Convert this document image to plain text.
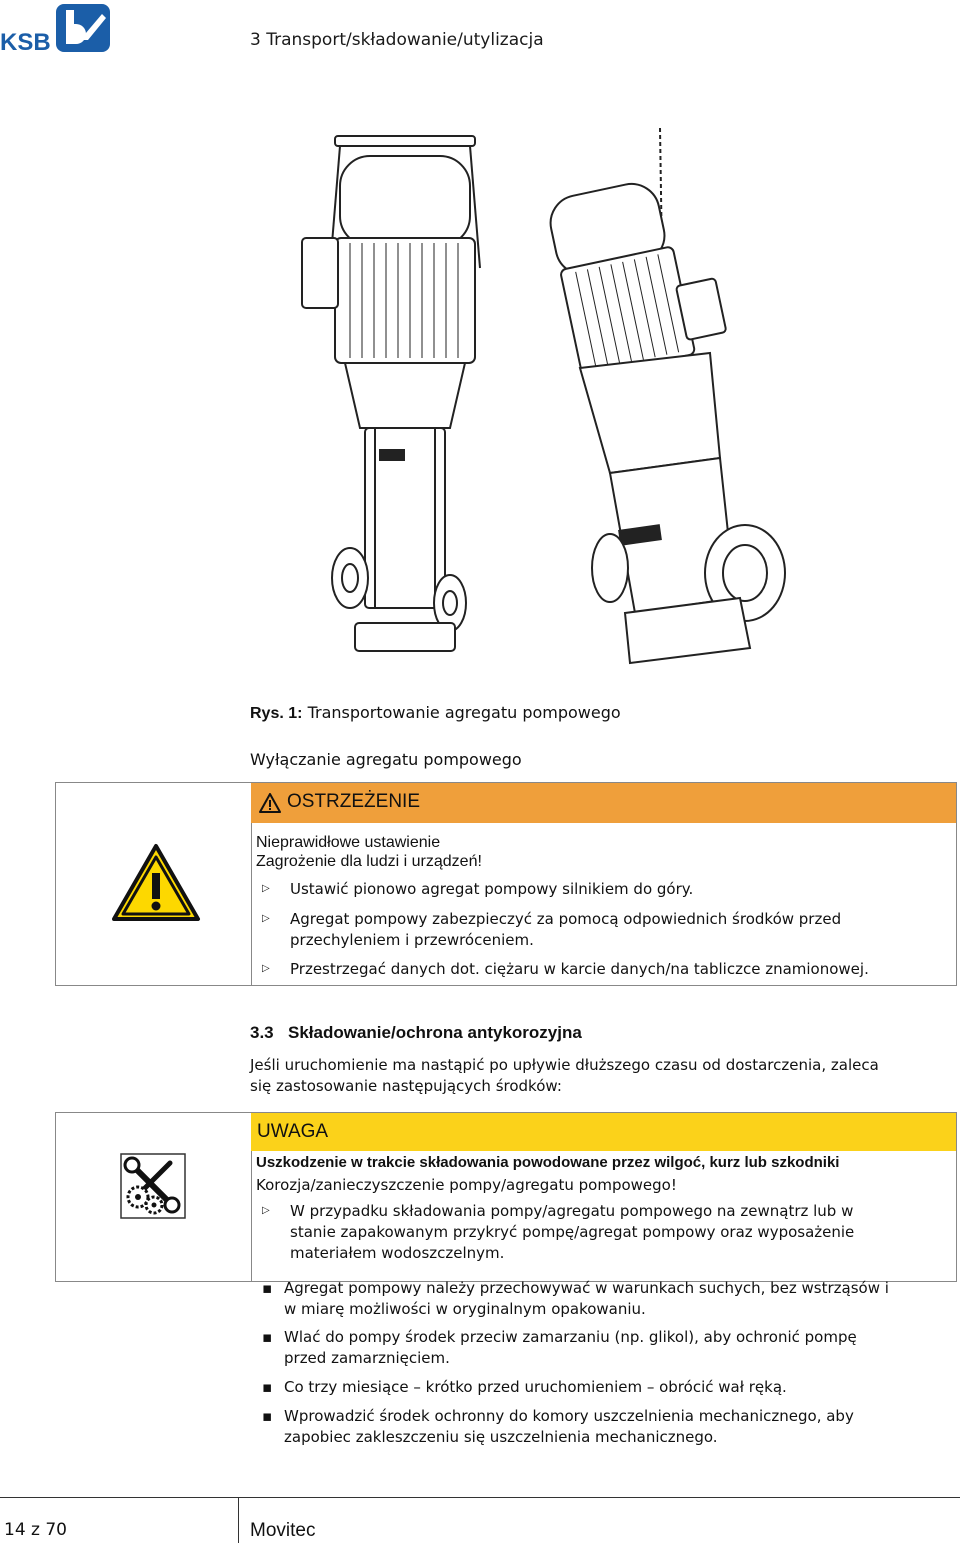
KSB	3 Transport/składowanie/utylizacja
Rys. 1: Transportowanie agregatu pompowego
Wyłączanie agregatu pompowego
OSTRZEŻENIE
Nieprawidłowe ustawienie
Zagrożenie dla ludzi i urządzeń!
▷ Ustawić pionowo agregat pompowy silnikiem do góry.
▷ Agregat pompowy zabezpieczyć za pomocą odpowiednich środków przed
przechyleniem i przewróceniem.
▷ Przestrzegać danych dot. ciężaru w karcie danych/na tabliczce znamionowej.
3.3 Składowanie/ochrona antykorozyjna
Jeśli uruchomienie ma nastąpić po upływie dłuższego czasu od dostarczenia, zaleca
się zastosowanie następujących środków:
UWAGA
Uszkodzenie w trakcie składowania powodowane przez wilgoć, kurz lub szkodniki
Korozja/zanieczyszczenie pompy/agregatu pompowego!
▷ W przypadku składowania pompy/agregatu pompowego na zewnątrz lub w
stanie zapakowanym przykryć pompę/agregat pompowy oraz wyposażenie
materiałem wodoszczelnym.
▪ Agregat pompowy należy przechowywać w warunkach suchych, bez wstrząsów i
w miarę możliwości w oryginalnym opakowaniu.
▪ Wlać do pompy środek przeciw zamarzaniu (np. glikol), aby ochronić pompę
przed zamarznięciem.
▪ Co trzy miesiące – krótko przed uruchomieniem – obrócić wał ręką.
▪ Wprowadzić środek ochronny do komory uszczelnienia mechanicznego, aby
zapobiec zakleszczeniu się uszczelnienia mechanicznego.
14 z 70	Movitec
